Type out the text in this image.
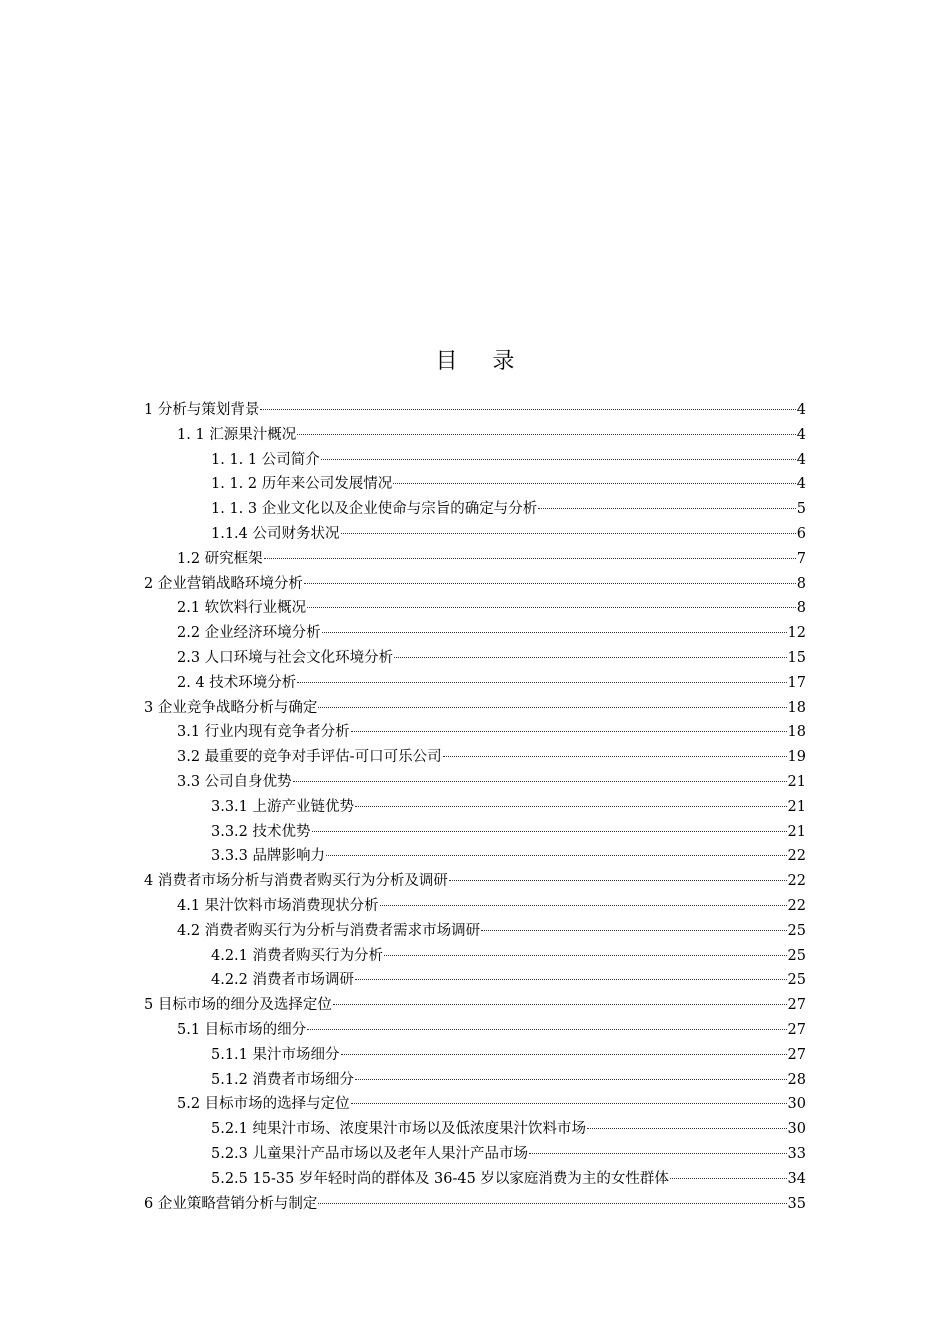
目 录
1 分析与策划背景	4
1. 1 汇源果汁概况	4
1. 1. 1 公司简介	4
1. 1. 2 历年来公司发展情况	4
1. 1. 3 企业文化以及企业使命与宗旨的确定与分析	5
1.1.4 公司财务状况	6
1.2 研究框架	7
2 企业营销战略环境分析	8
2.1 软饮料行业概况	8
2.2 企业经济环境分析	12
2.3 人口环境与社会文化环境分析	15
2. 4 技术环境分析	17
3 企业竞争战略分析与确定	18
3.1 行业内现有竞争者分析	18
3.2 最重要的竞争对手评估-可口可乐公司	19
3.3 公司自身优势	21
3.3.1 上游产业链优势	21
3.3.2 技术优势	21
3.3.3 品牌影响力	22
4 消费者市场分析与消费者购买行为分析及调研	22
4.1 果汁饮料市场消费现状分析	22
4.2 消费者购买行为分析与消费者需求市场调研	25
4.2.1 消费者购买行为分析	25
4.2.2 消费者市场调研	25
5 目标市场的细分及选择定位	27
5.1 目标市场的细分	27
5.1.1 果汁市场细分	27
5.1.2 消费者市场细分	28
5.2 目标市场的选择与定位	30
5.2.1 纯果汁市场、浓度果汁市场以及低浓度果汁饮料市场	30
5.2.3 儿童果汁产品市场以及老年人果汁产品市场	33
5.2.5 15-35 岁年轻时尚的群体及 36-45 岁以家庭消费为主的女性群体	34
6 企业策略营销分析与制定	35
